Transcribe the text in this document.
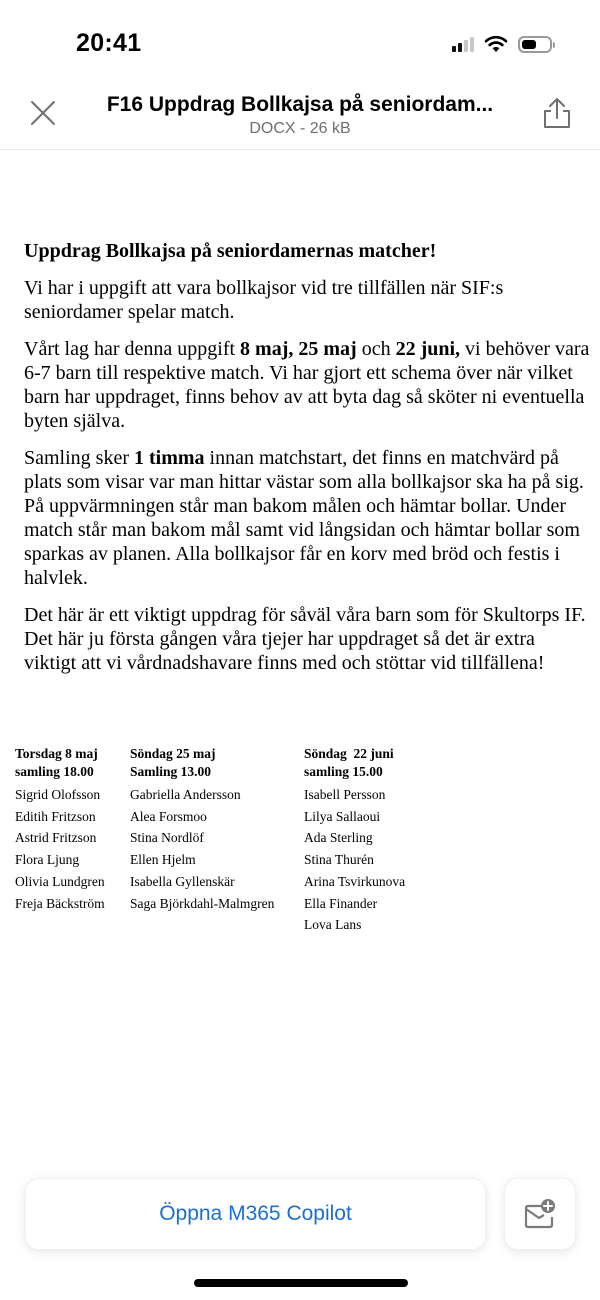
20:41
F16 Uppdrag Bollkajsa på seniordam...
DOCX - 26 kB
Uppdrag Bollkajsa på seniordamernas matcher!

Vi har i uppgift att vara bollkajsor vid tre tillfällen när SIF:s seniordamer spelar match.

Vårt lag har denna uppgift 8 maj, 25 maj och 22 juni, vi behöver vara 6-7 barn till respektive match. Vi har gjort ett schema över när vilket barn har uppdraget, finns behov av att byta dag så sköter ni eventuella byten själva.

Samling sker 1 timma innan matchstart, det finns en matchvärd på plats som visar var man hittar västar som alla bollkajsor ska ha på sig. På uppvärmningen står man bakom målen och hämtar bollar. Under match står man bakom mål samt vid långsidan och hämtar bollar som sparkas av planen. Alla bollkajsor får en korv med bröd och festis i halvlek.

Det här är ett viktigt uppdrag för såväl våra barn som för Skultorps IF. Det här ju första gången våra tjejer har uppdraget så det är extra viktigt att vi vårdnadshavare finns med och stöttar vid tillfällena!

Torsdag 8 maj
samling 18.00
Sigrid Olofsson
Editih Fritzson
Astrid Fritzson
Flora Ljung
Olivia Lundgren
Freja Bäckström
Söndag 25 maj
Samling 13.00
Gabriella Andersson
Alea Forsmoo
Stina Nordlöf
Ellen Hjelm
Isabella Gyllenskär
Saga Björkdahl-Malmgren
Söndag  22 juni
samling 15.00
Isabell Persson
Lilya Sallaoui
Ada Sterling
Stina Thurén
Arina Tsvirkunova
Ella Finander
Lova Lans
Öppna M365 Copilot
